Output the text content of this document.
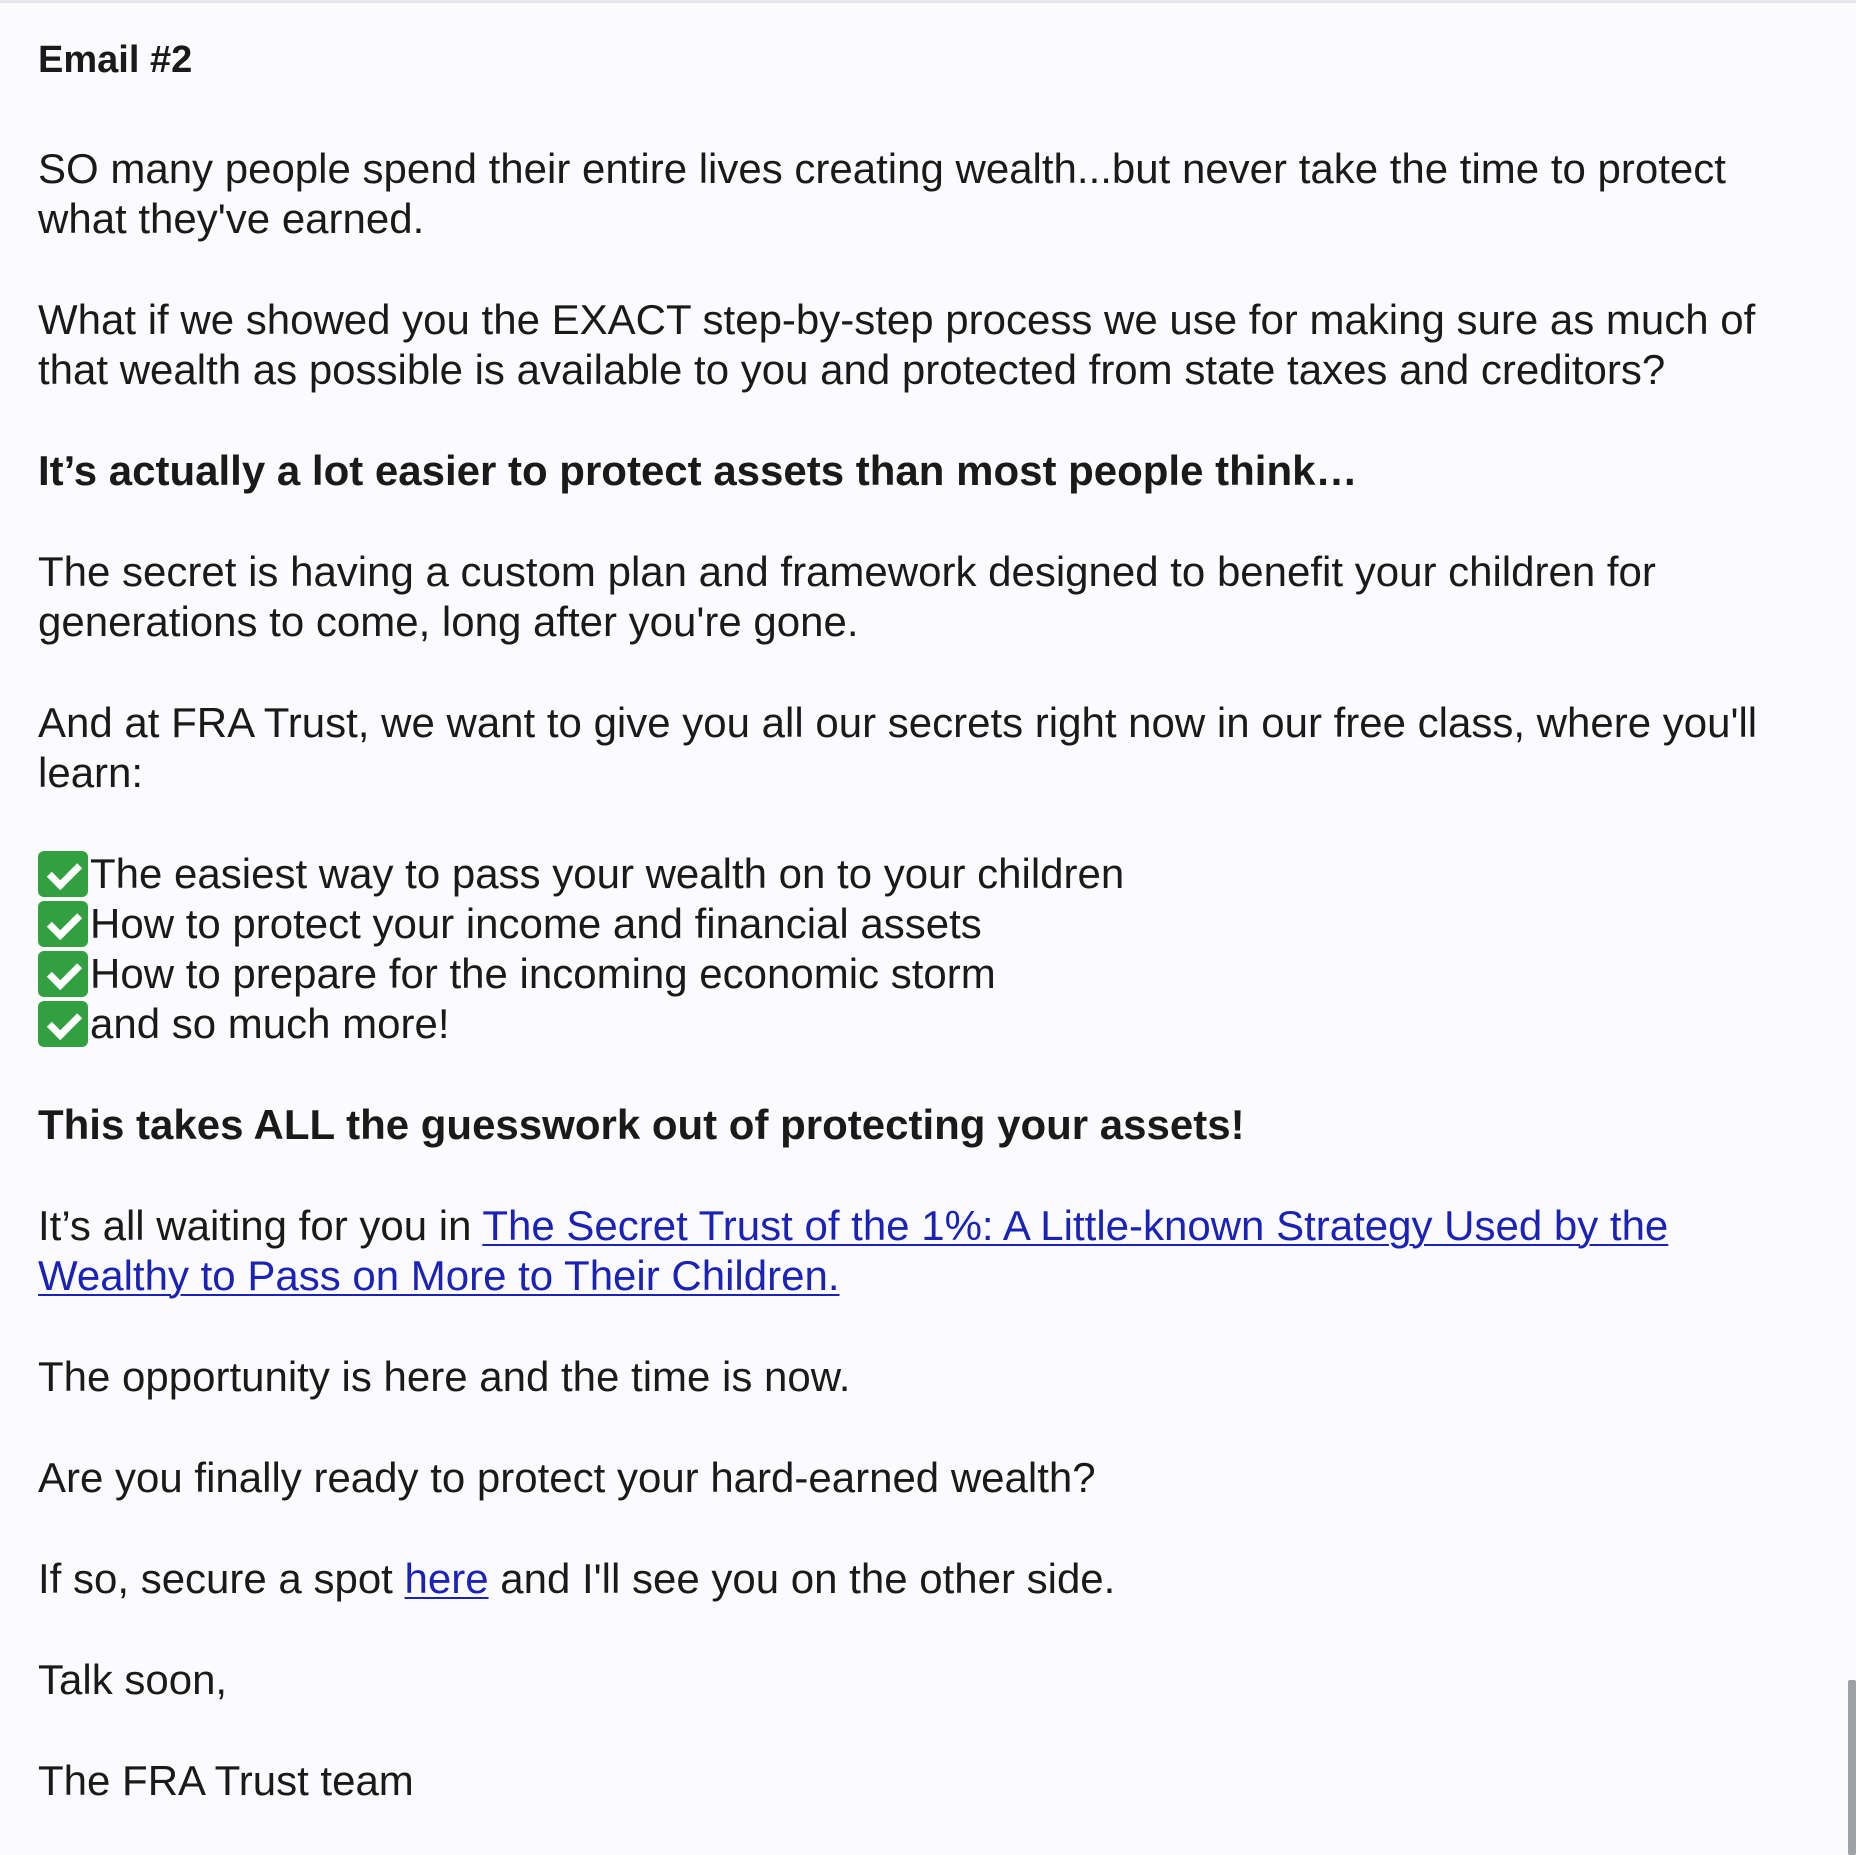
Email #2

SO many people spend their entire lives creating wealth...but never take the time to protect what they've earned.

What if we showed you the EXACT step-by-step process we use for making sure as much of that wealth as possible is available to you and protected from state taxes and creditors?

It’s actually a lot easier to protect assets than most people think…

The secret is having a custom plan and framework designed to benefit your children for generations to come, long after you're gone.

And at FRA Trust, we want to give you all our secrets right now in our free class, where you'll learn:

The easiest way to pass your wealth on to your children
How to protect your income and financial assets
How to prepare for the incoming economic storm
and so much more!

This takes ALL the guesswork out of protecting your assets!

It’s all waiting for you in The Secret Trust of the 1%: A Little-known Strategy Used by the Wealthy to Pass on More to Their Children.

The opportunity is here and the time is now.

Are you finally ready to protect your hard-earned wealth?

If so, secure a spot here and I'll see you on the other side.

Talk soon,

The FRA Trust team
